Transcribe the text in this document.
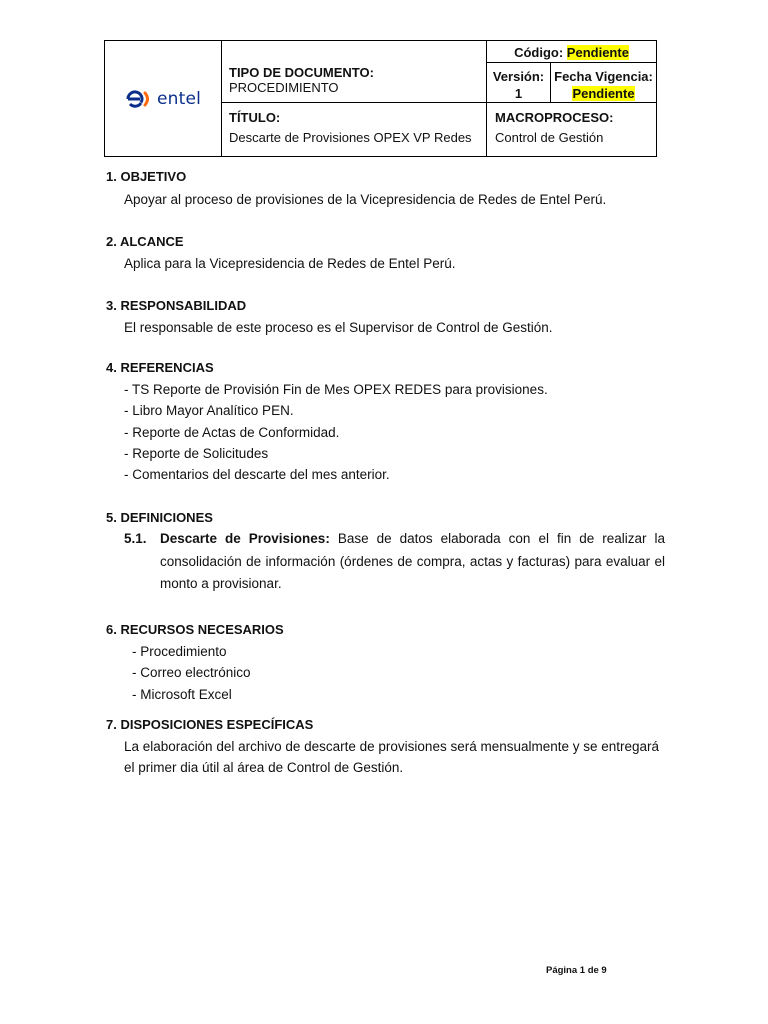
entel
TIPO DE DOCUMENTO: PROCEDIMIENTO
Código: Pendiente
Versión:
1
Fecha Vigencia:
Pendiente
TÍTULO:
Descarte de Provisiones OPEX VP Redes
MACROPROCESO:
Control de Gestión
1. OBJETIVO
Apoyar al proceso de provisiones de la Vicepresidencia de Redes de Entel Perú.
2. ALCANCE
Aplica para la Vicepresidencia de Redes de Entel Perú.
3. RESPONSABILIDAD
El responsable de este proceso es el Supervisor de Control de Gestión.
4. REFERENCIAS
- TS Reporte de Provisión Fin de Mes OPEX REDES para provisiones.
- Libro Mayor Analítico PEN.
- Reporte de Actas de Conformidad.
- Reporte de Solicitudes
- Comentarios del descarte del mes anterior.
5. DEFINICIONES
5.1. Descarte de Provisiones: Base de datos elaborada con el fin de realizar la consolidación de información (órdenes de compra, actas y facturas) para evaluar el monto a provisionar.
6. RECURSOS NECESARIOS
- Procedimiento
- Correo electrónico
- Microsoft Excel
7. DISPOSICIONES ESPECÍFICAS
La elaboración del archivo de descarte de provisiones será mensualmente y se entregará
el primer dia útil al área de Control de Gestión.
Página 1 de 9
